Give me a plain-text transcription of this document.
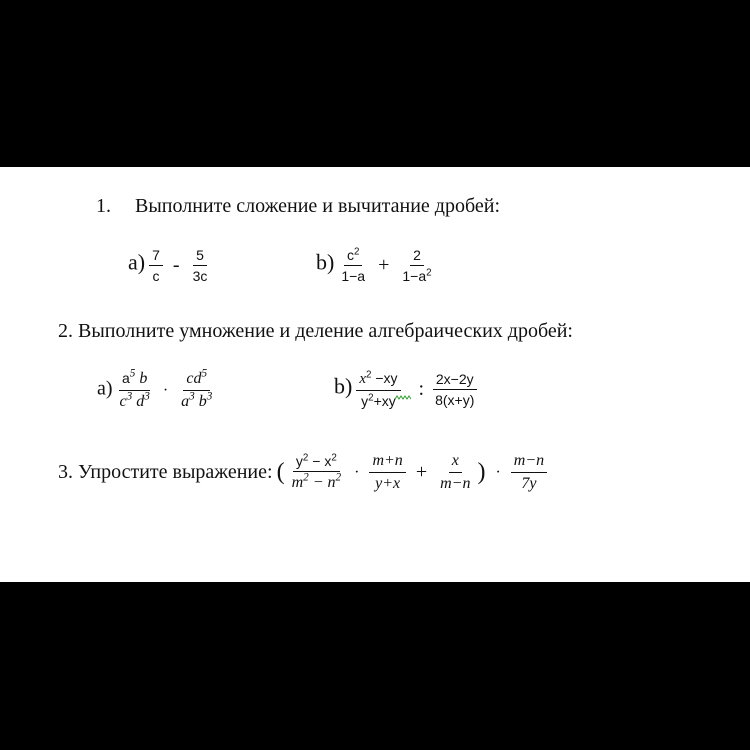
1. Выполните сложение и вычитание дробей:
$a) \frac{7}{c} - \frac{5}{3c}$	$b) \frac{c^2}{1-a} + \frac{2}{1-a^2}$
2. Выполните умножение и деление алгебраических дробей:
$a) \frac{a^5 b}{c^3 d^3} \cdot \frac{cd^5}{a^3 b^3}$	$b) \frac{x^2 -xy}{y^2+xy}$ : $\frac{2x-2y}{8(x+y)}$
3. Упростите выражение: ( $\frac{y^2 - x^2}{m^2 - n^2} \cdot \frac{m+n}{y+x} + \frac{x}{m-n}$ ) · $\frac{m-n}{7y}$
